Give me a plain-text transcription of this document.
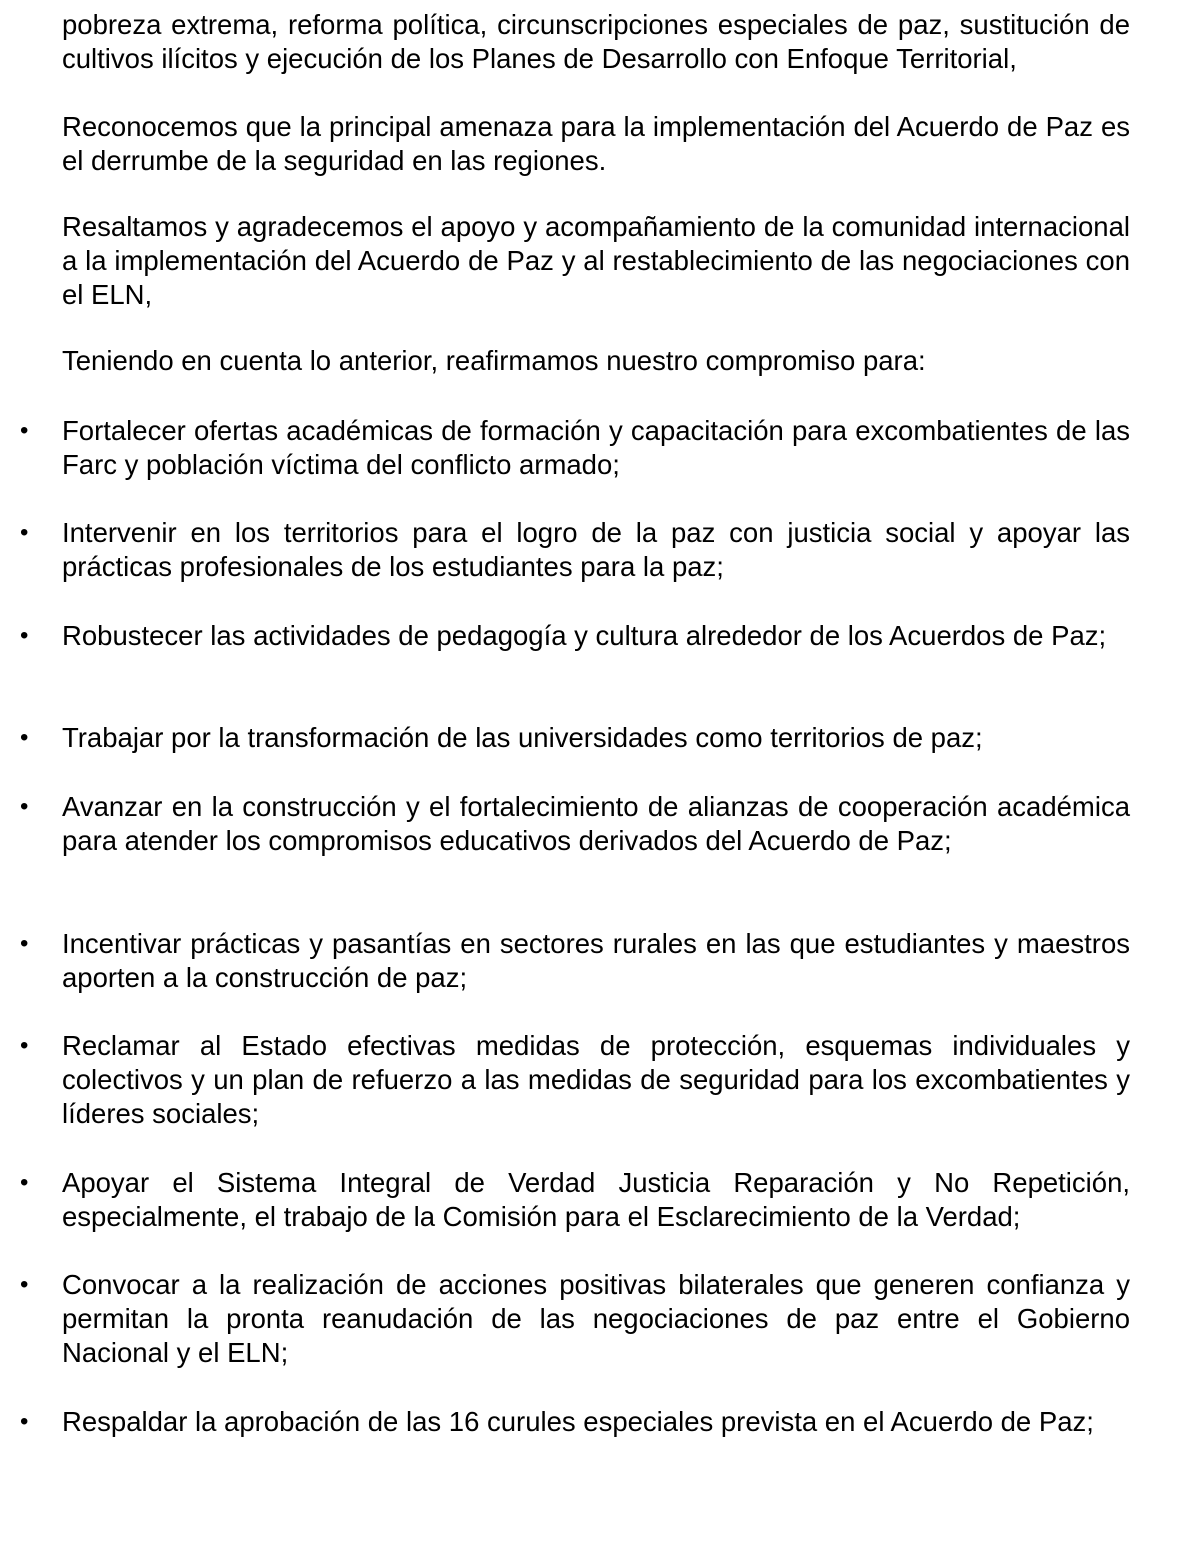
pobreza extrema, reforma política, circunscripciones especiales de paz, sustitución de cultivos ilícitos y ejecución de los Planes de Desarrollo con Enfoque Territorial,

Reconocemos que la principal amenaza para la implementación del Acuerdo de Paz es el derrumbe de la seguridad en las regiones.

Resaltamos y agradecemos el apoyo y acompañamiento de la comunidad internacional a la implementación del Acuerdo de Paz y al restablecimiento de las negociaciones con el ELN,

Teniendo en cuenta lo anterior, reafirmamos nuestro compromiso para:

• Fortalecer ofertas académicas de formación y capacitación para excombatientes de las Farc y población víctima del conflicto armado;

• Intervenir en los territorios para el logro de la paz con justicia social y apoyar las prácticas profesionales de los estudiantes para la paz;

• Robustecer las actividades de pedagogía y cultura alrededor de los Acuerdos de Paz;

• Trabajar por la transformación de las universidades como territorios de paz;

• Avanzar en la construcción y el fortalecimiento de alianzas de cooperación académica para atender los compromisos educativos derivados del Acuerdo de Paz;

• Incentivar prácticas y pasantías en sectores rurales en las que estudiantes y maestros aporten a la construcción de paz;

• Reclamar al Estado efectivas medidas de protección, esquemas individuales y colectivos y un plan de refuerzo a las medidas de seguridad para los excombatientes y líderes sociales;

• Apoyar el Sistema Integral de Verdad Justicia Reparación y No Repetición, especialmente, el trabajo de la Comisión para el Esclarecimiento de la Verdad;

• Convocar a la realización de acciones positivas bilaterales que generen confianza y permitan la pronta reanudación de las negociaciones de paz entre el Gobierno Nacional y el ELN;

• Respaldar la aprobación de las 16 curules especiales prevista en el Acuerdo de Paz;
